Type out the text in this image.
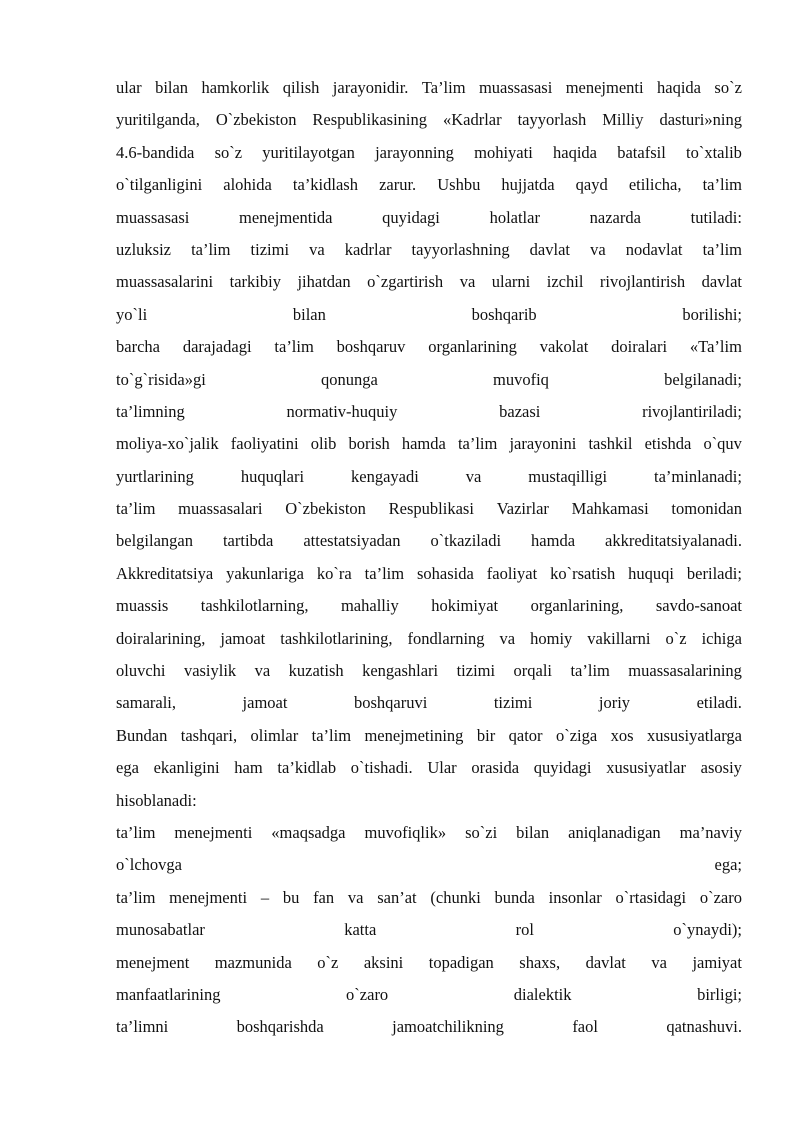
ular bilan hamkorlik qilish jarayonidir. Ta’lim muassasasi menejmenti haqida so`z
yuritilganda, O`zbekiston Respublikasining «Kadrlar tayyorlash Milliy dasturi»ning
4.6-bandida so`z yuritilayotgan jarayonning mohiyati haqida batafsil to`xtalib
o`tilganligini alohida ta’kidlash zarur. Ushbu hujjatda qayd etilicha, ta’lim
muassasasi	menejmentida	quyidagi	holatlar	nazarda	tutiladi:
uzluksiz ta’lim tizimi va kadrlar tayyorlashning davlat va nodavlat ta’lim
muassasalarini tarkibiy jihatdan o`zgartirish va ularni izchil rivojlantirish davlat
yo`li	bilan	boshqarib	borilishi;
barcha darajadagi ta’lim boshqaruv organlarining vakolat doiralari «Ta’lim
to`g`risida»gi	qonunga	muvofiq	belgilanadi;
ta’limning	normativ-huquiy	bazasi	rivojlantiriladi;
moliya-xo`jalik faoliyatini olib borish hamda ta’lim jarayonini tashkil etishda o`quv
yurtlarining	huquqlari	kengayadi	va	mustaqilligi	ta’minlanadi;
ta’lim muassasalari O`zbekiston Respublikasi Vazirlar Mahkamasi tomonidan
belgilangan tartibda attestatsiyadan o`tkaziladi hamda akkreditatsiyalanadi.
Akkreditatsiya yakunlariga ko`ra ta’lim sohasida faoliyat ko`rsatish huquqi beriladi;
muassis tashkilotlarning, mahalliy hokimiyat organlarining, savdo-sanoat
doiralarining, jamoat tashkilotlarining, fondlarning va homiy vakillarni o`z ichiga
oluvchi vasiylik va kuzatish kengashlari tizimi orqali ta’lim muassasalarining
samarali,	jamoat	boshqaruvi	tizimi	joriy	etiladi.
Bundan tashqari, olimlar ta’lim menejmetining bir qator o`ziga xos xususiyatlarga
ega ekanligini ham ta’kidlab o`tishadi. Ular orasida quyidagi xususiyatlar asosiy
hisoblanadi:
ta’lim menejmenti «maqsadga muvofiqlik» so`zi bilan aniqlanadigan ma’naviy
o`lchovga	ega;
ta’lim menejmenti – bu fan va san’at (chunki bunda insonlar o`rtasidagi o`zaro
munosabatlar	katta	rol	o`ynaydi);
menejment mazmunida o`z aksini topadigan shaxs, davlat va jamiyat
manfaatlarining	o`zaro	dialektik	birligi;
ta’limni	boshqarishda	jamoatchilikning	faol	qatnashuvi.
